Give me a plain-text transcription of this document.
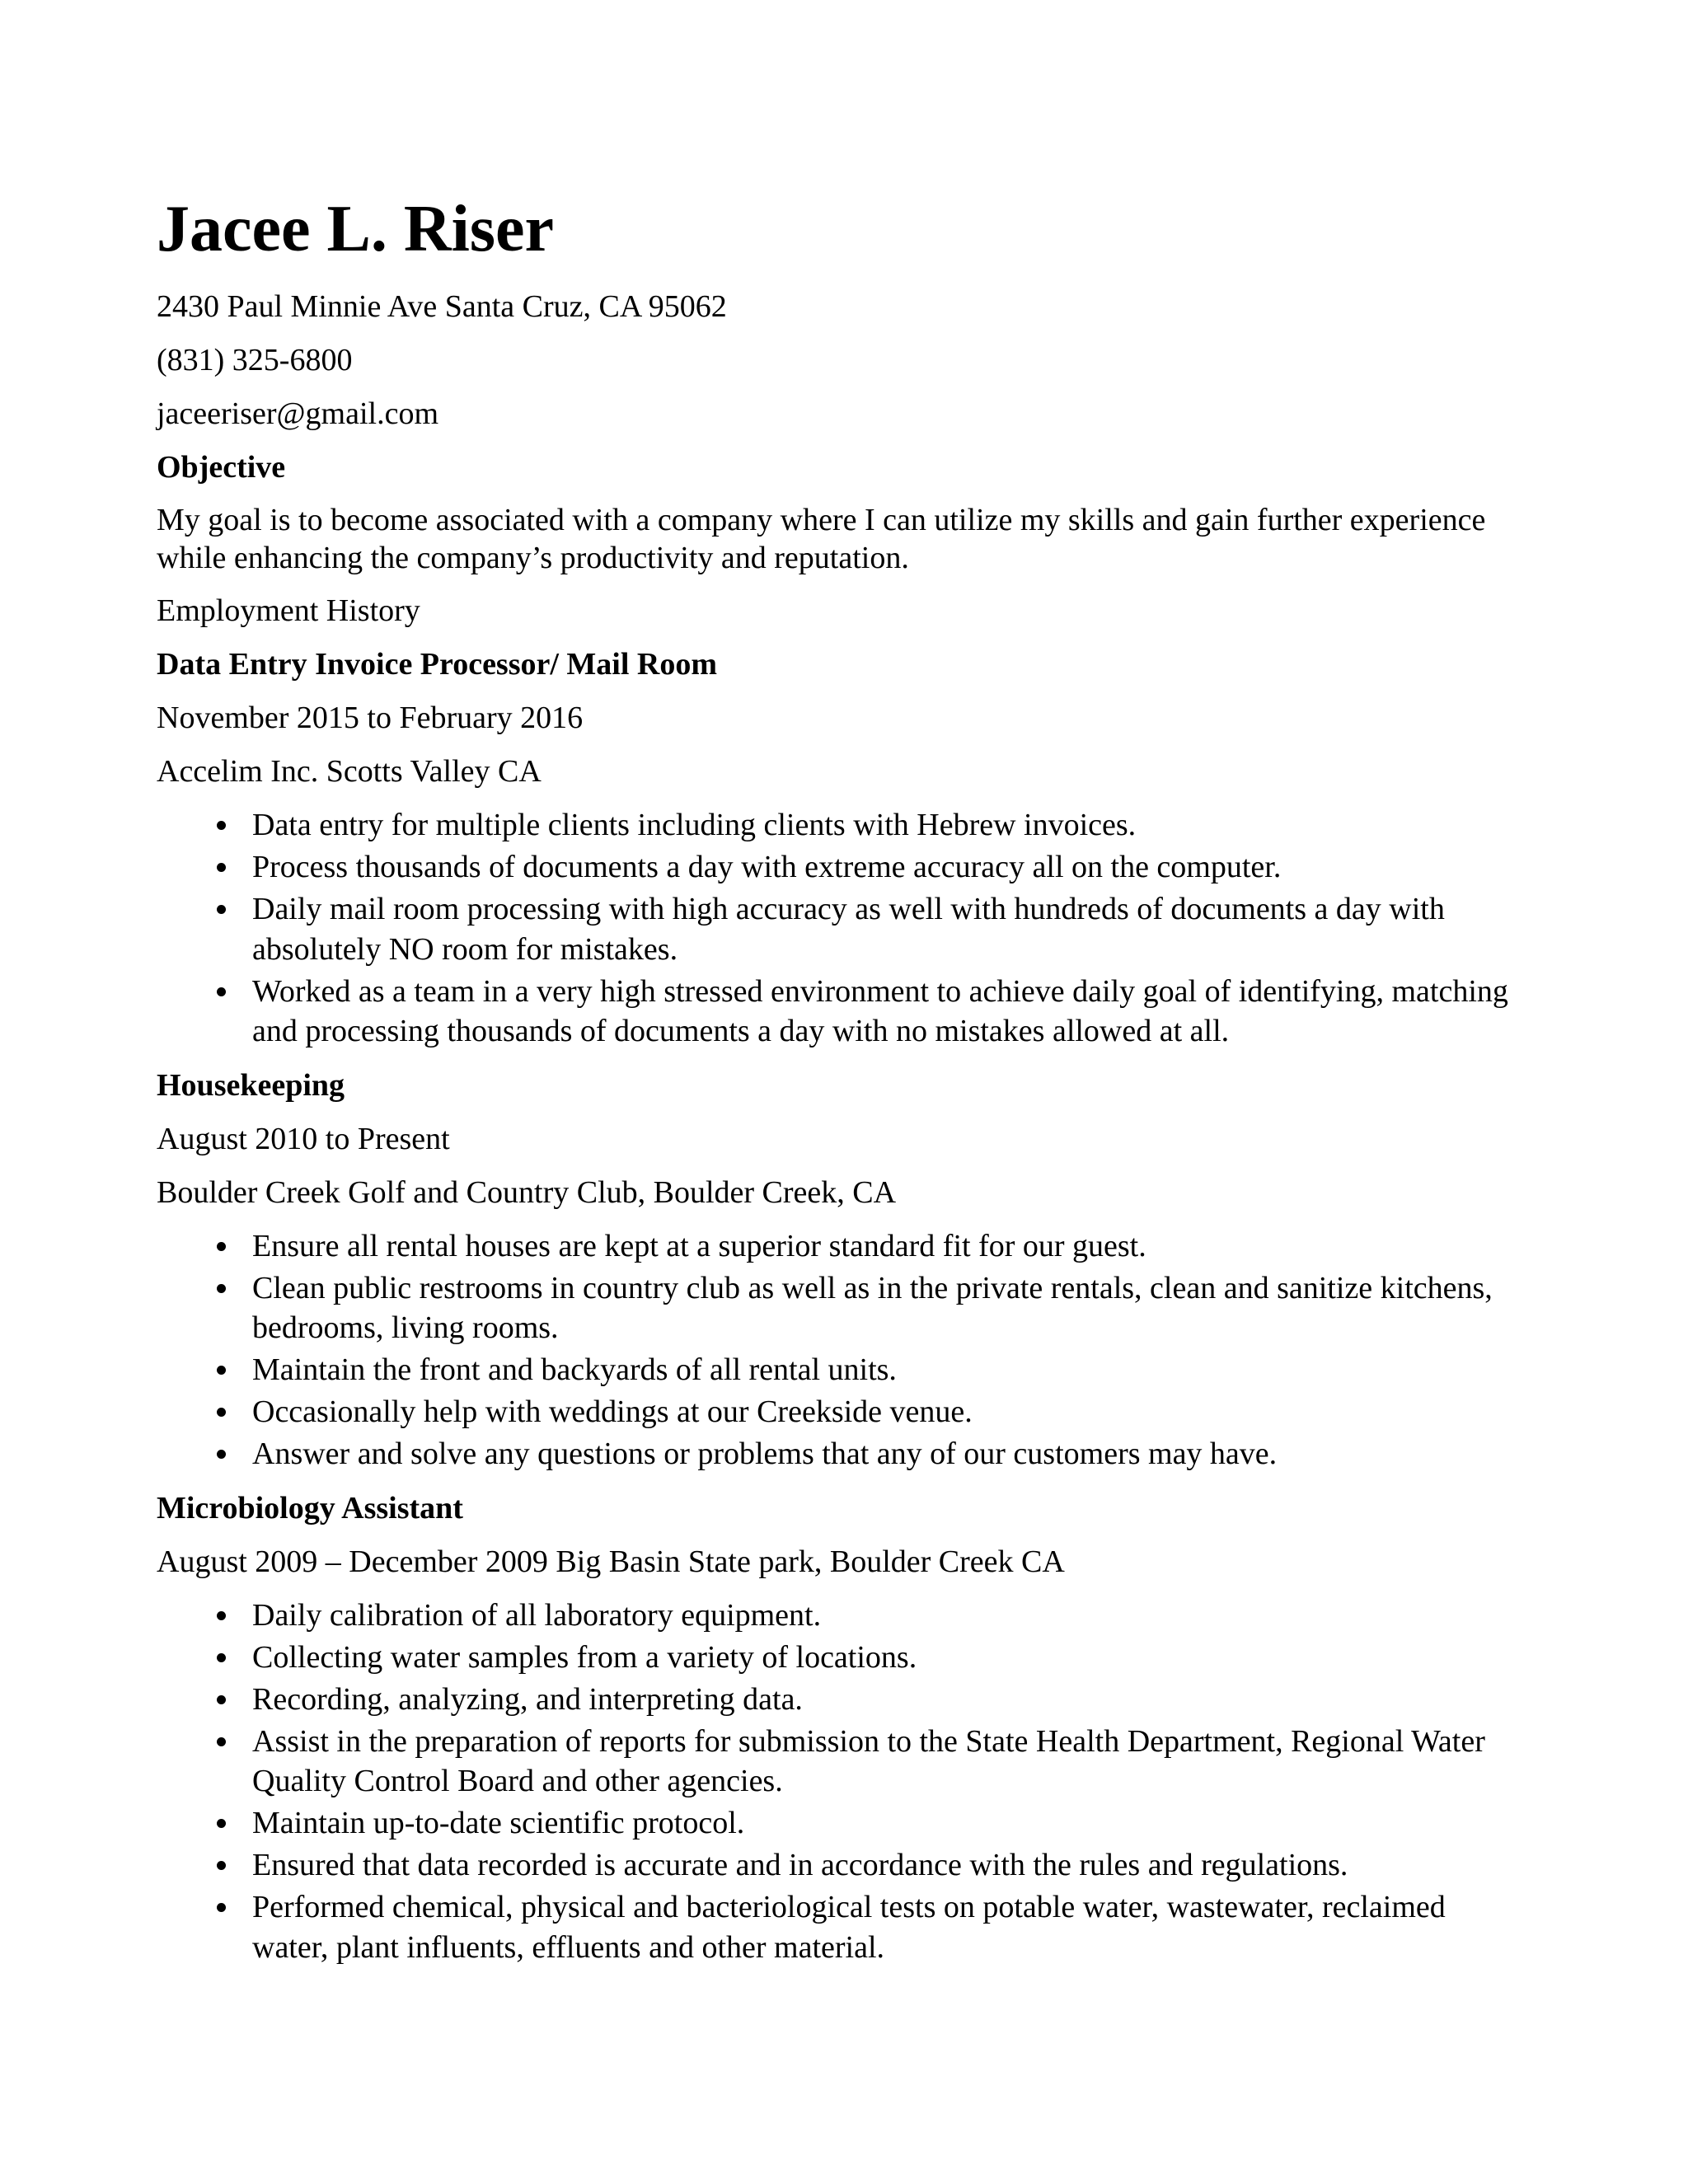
Jacee L. Riser
2430 Paul Minnie Ave Santa Cruz, CA 95062
(831) 325-6800
jaceeriser@gmail.com
Objective
My goal is to become associated with a company where I can utilize my skills and gain further experience while enhancing the company’s productivity and reputation.
Employment History
Data Entry Invoice Processor/ Mail Room
November 2015 to February 2016
Accelim Inc. Scotts Valley CA
Data entry for multiple clients including clients with Hebrew invoices.
Process thousands of documents a day with extreme accuracy all on the computer.
Daily mail room processing with high accuracy as well with hundreds of documents a day with absolutely NO room for mistakes.
Worked as a team in a very high stressed environment to achieve daily goal of identifying, matching and processing thousands of documents a day with no mistakes allowed at all.
Housekeeping
August 2010 to Present
Boulder Creek Golf and Country Club, Boulder Creek, CA
Ensure all rental houses are kept at a superior standard fit for our guest.
Clean public restrooms in country club as well as in the private rentals, clean and sanitize kitchens, bedrooms, living rooms.
Maintain the front and backyards of all rental units.
Occasionally help with weddings at our Creekside venue.
Answer and solve any questions or problems that any of our customers may have.
Microbiology Assistant
August 2009 – December 2009 Big Basin State park, Boulder Creek CA
Daily calibration of all laboratory equipment.
Collecting water samples from a variety of locations.
Recording, analyzing, and interpreting data.
Assist in the preparation of reports for submission to the State Health Department, Regional Water Quality Control Board and other agencies.
Maintain up-to-date scientific protocol.
Ensured that data recorded is accurate and in accordance with the rules and regulations.
Performed chemical, physical and bacteriological tests on potable water, wastewater, reclaimed water, plant influents, effluents and other material.
